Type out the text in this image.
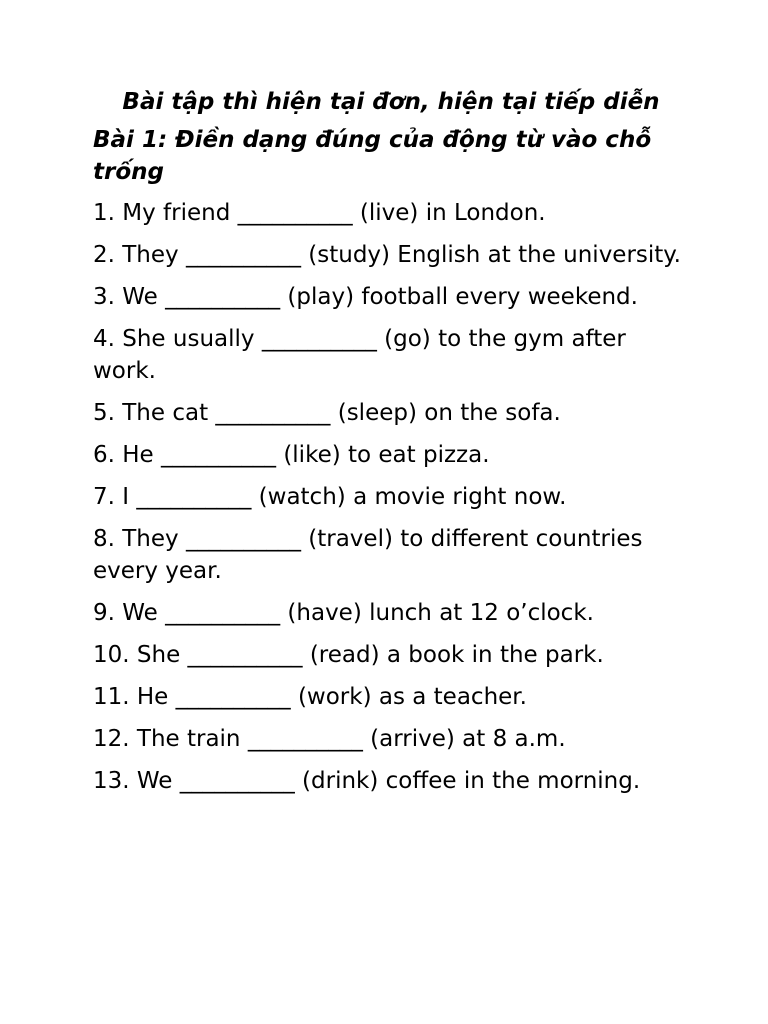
Bài tập thì hiện tại đơn, hiện tại tiếp diễn
Bài 1: Điền dạng đúng của động từ vào chỗ trống
1. My friend __________ (live) in London.
2. They __________ (study) English at the university.
3. We __________ (play) football every weekend.
4. She usually __________ (go) to the gym after work.
5. The cat __________ (sleep) on the sofa.
6. He __________ (like) to eat pizza.
7. I __________ (watch) a movie right now.
8. They __________ (travel) to different countries every year.
9. We __________ (have) lunch at 12 o’clock.
10. She __________ (read) a book in the park.
11. He __________ (work) as a teacher.
12. The train __________ (arrive) at 8 a.m.
13. We __________ (drink) coffee in the morning.
